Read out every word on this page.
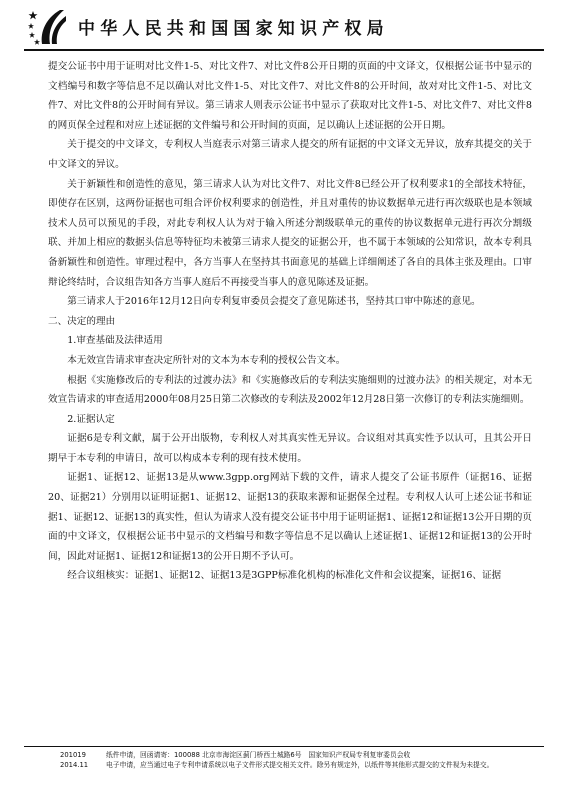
中华人民共和国国家知识产权局

提交公证书中用于证明对比文件1-5、对比文件7、对比文件8公开日期的页面的中文译文，仅根据公证书中显示的文档编号和数字等信息不足以确认对比文件1-5、对比文件7、对比文件8的公开时间，故对对比文件1-5、对比文件7、对比文件8的公开时间有异议。第三请求人则表示公证书中显示了获取对比文件1-5、对比文件7、对比文件8的网页保全过程和对应上述证据的文件编号和公开时间的页面，足以确认上述证据的公开日期。

关于提交的中文译文，专利权人当庭表示对第三请求人提交的所有证据的中文译文无异议，放弃其提交的关于中文译文的异议。

关于新颖性和创造性的意见，第三请求人认为对比文件7、对比文件8已经公开了权利要求1的全部技术特征，即使存在区别，这两份证据也可组合评价权利要求的创造性，并且对重传的协议数据单元进行再次级联也是本领域技术人员可以预见的手段，对此专利权人认为对于输入所述分割级联单元的重传的协议数据单元进行再次分割级联、并加上相应的数据头信息等特征均未被第三请求人提交的证据公开，也不属于本领域的公知常识，故本专利具备新颖性和创造性。审理过程中，各方当事人在坚持其书面意见的基础上详细阐述了各自的具体主张及理由。口审辩论终结时，合议组告知各方当事人庭后不再接受当事人的意见陈述及证据。

第三请求人于2016年12月12日向专利复审委员会提交了意见陈述书，坚持其口审中陈述的意见。

二、决定的理由

1.审查基础及法律适用

本无效宣告请求审查决定所针对的文本为本专利的授权公告文本。

根据《实施修改后的专利法的过渡办法》和《实施修改后的专利法实施细则的过渡办法》的相关规定，对本无效宣告请求的审查适用2000年08月25日第二次修改的专利法及2002年12月28日第一次修订的专利法实施细则。

2.证据认定

证据6是专利文献，属于公开出版物，专利权人对其真实性无异议。合议组对其真实性予以认可，且其公开日期早于本专利的申请日，故可以构成本专利的现有技术使用。

证据1、证据12、证据13是从www.3gpp.org网站下载的文件，请求人提交了公证书原件（证据16、证据20、证据21）分别用以证明证据1、证据12、证据13的获取来源和证据保全过程。专利权人认可上述公证书和证据1、证据12、证据13的真实性，但认为请求人没有提交公证书中用于证明证据1、证据12和证据13公开日期的页面的中文译文，仅根据公证书中显示的文档编号和数字等信息不足以确认上述证据1、证据12和证据13的公开时间，因此对证据1、证据12和证据13的公开日期不予认可。

经合议组核实：证据1、证据12、证据13是3GPP标准化机构的标准化文件和会议提案，证据16、证据

201019	纸件申请，回函请寄：100088 北京市海淀区蓟门桥西土城路6号　国家知识产权局专利复审委员会收
2014.11	电子申请，应当通过电子专利申请系统以电子文件形式提交相关文件。除另有规定外，以纸件等其他形式提交的文件视为未提交。
